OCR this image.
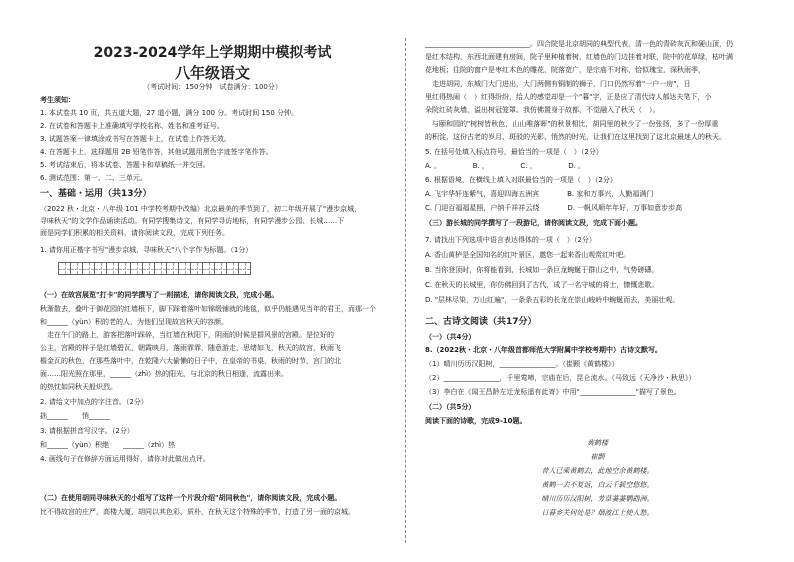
2023-2024学年上学期期中模拟考试
八年级语文
（考试时间：150分钟　试卷满分：100分）
考生须知：
1. 本试卷共 10 页，共五道大题，27 道小题，满分 100 分。考试时间 150 分钟。
2. 在试卷和答题卡上准确填写学校名称、姓名和准考证号。
3. 试题答案一律填涂或书写在答题卡上，在试卷上作答无效。
4. 在答题卡上，选择题用 2B 铅笔作答，其他试题用黑色字迹签字笔作答。
5. 考试结束后，将本试卷、答题卡和草稿纸一并交回。
6. 测试范围：第一、二、三单元。
一、基础・运用（共13分）
（2022 秋・北京・八年级 101 中学校考期中改编）北京最美的季节到了，初二年级开展了"漫步京城，
寻味秋天"的文学作品诵读活动。有同学搜集诗文，有同学寻访地标，有同学漫步公园、长城……下
面是同学们积累的相关资料，请你阅读文段，完成下列任务。
1. 请你用正楷字书写"漫步京城，寻味秋天"八个字作为标题。（1分）
（一）在故宫展览"打卡"的同学撰写了一则描述，请你阅读文段，完成小题。
秋渐散去，叠叶于御花园的红墙根下，脚下踩着落叶如锦缎铺就的地毯，似乎仍能遇见当年的君王，而那一个
和______（yùn）积的老的人，为他们呈现故宫秋天的容颜。
　走在午门的路上，游客把落叶踩碎，当红墙在秋阳下，阴雨的时候是群风景的宫殿。是位好的
公主，宫殿的样子是红墙碧瓦，朝霞映月，落雨霏霏，随意游走，思绪如飞，秋天的故宫，秋雨飞
檐金瓦的秋色，在那些落叶中，在乾隆六大偷懒的日子中，在皇帝的书桌，秋雨的时节，宫门的北
面……阳光照在那里，______（zhì）热的阳光，与北京的秋日相逢，流露出来。
的热忱如同秋天般炽烈。
2. 请给文中加点的字注音。（2分）
拙______　　悄______
3. 请根据拼音写汉字。（2分）
和______（yùn）积绝　　______（zhì）热
4. 画线句子在修辞方面运用得好，请你对此做出点评。
（二）在使用胡同寻味秋天的小组写了这样一个片段介绍"胡同秋色"，请你阅读文段，完成小题。
比不得故宫的庄严，高楼大厦，胡同以其色彩、质朴，在秋天这个特殊的季节，打造了另一面的京城。
______________________________。四合院是北京胡同的典型代表，清一色的青砖灰瓦和硬山顶，仍
是红木结构，东西北面建有房间，院子里种植着树，红墙色的门边挂着对联，院中的花草绿，枯叶满
花地板；往院的窗户是枣红木色的雕花，院落宽广，是宗庙不对称，恰似瑰宝，深秋雨季，
　走进胡同，东城门大门进出，大门两侧有铜制的狮子，门口仍然写着"一户一房"，日
里红得热闹（　）红得纷纷，给人的感觉却是一个"暮"字，正是应了清代诗人郁达夫笔下，小
朵院红砖灰墙，溢出树冠笼罩。我仿佛置身于故都，不觉融入了秋天（　）。
　与颐和园的"树树皆秋色，山山唯落晖"的秋景相比，胡同里的秋少了一份张扬，多了一份厚重
的积淀，这份古老的岁月、斑驳的光影、悄然的时光，让我们在这里找到了这北京最迷人的秋天。
5. 在括号处填入标点符号，最恰当的一项是（　）（2分）
A. 。　　　　　B. ，　　　　　C. ，　　　　　D. 。
6. 根据语境，在横线上填入对联最恰当的一项是（　）（2分）
A. 飞宇华轩连紫气，喜迎四海五洲宾　　　　B. 家和万事兴，人勤福满门
C. 门迎百福福星照，户纳千祥祥云绕　　　　D. 一帆风顺年年好，万事如意步步高
（三）游长城的同学撰写了一段游记，请你阅读文段，完成下面小题。
7. 请找出下列选项中语言表达得体的一项（　）（2分）
A. 香山黄栌是全国知名的红叶景区，邀您一起来香山观赏红叶吧。
B. 当你登顶时，你将能看到，长城如一条巨龙蜿蜒于群山之中，气势磅礴。
C. 在秋天的长城里，你仿佛回到了古代，成了一名守城的将士，慷慨悲歌。
D. "层林尽染，万山红遍"，一条条五彩的长龙在崇山峻岭中蜿蜒而去，美丽壮观。
二、古诗文阅读（共17分）
（一）（共4分）
8.（2022秋・北京・八年级首都师范大学附属中学校考期中）古诗文默写。
（1）晴川历历汉阳树，________________。（崔颢《黄鹤楼》）
（2）________________，千里莺啼，宗庙在后，昆仑流水。（马致远《天净沙・秋思》）
（3）李白在《闻王昌龄左迁龙标遥有此寄》中用"________________"描写了景色。
（二）（共5分）
阅读下面的诗歌，完成9-10题。
黄鹤楼
崔颢
昔人已乘黄鹤去，此地空余黄鹤楼。
黄鹤一去不复返，白云千载空悠悠。
晴川历历汉阳树，芳草萋萋鹦鹉洲。
日暮乡关何处是？烟波江上使人愁。
